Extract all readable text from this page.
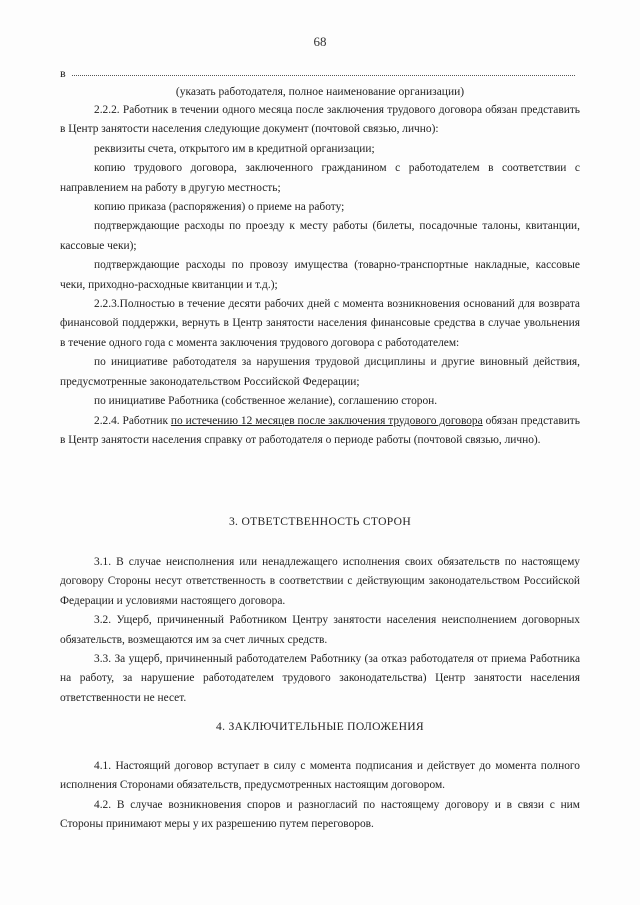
68
в
(указать работодателя, полное наименование организации)

2.2.2. Работник в течении одного месяца после заключения трудового договора обязан представить в Центр занятости населения следующие документ (почтовой связью, лично):

реквизиты счета, открытого им в кредитной организации;

копию трудового договора, заключенного гражданином с работодателем в соответствии с направлением на работу в другую местность;

копию приказа (распоряжения) о приеме на работу;

подтверждающие расходы по проезду к месту работы (билеты, посадочные талоны, квитанции, кассовые чеки);

подтверждающие расходы по провозу имущества (товарно-транспортные накладные, кассовые чеки, приходно-расходные квитанции и т.д.);

2.2.3.Полностью в течение десяти рабочих дней с момента возникновения оснований для возврата финансовой поддержки, вернуть в Центр занятости населения финансовые средства в случае увольнения в течение одного года с момента заключения трудового договора с работодателем:

по инициативе работодателя за нарушения трудовой дисциплины и другие виновный действия, предусмотренные законодательством Российской Федерации;

по инициативе Работника (собственное желание), соглашению сторон.

2.2.4. Работник по истечению 12 месяцев после заключения трудового договора обязан представить в Центр занятости населения справку от работодателя о периоде работы (почтовой связью, лично).

3. ОТВЕТСТВЕННОСТЬ СТОРОН

3.1. В случае неисполнения или ненадлежащего исполнения своих обязательств по настоящему договору Стороны несут ответственность в соответствии с действующим законодательством Российской Федерации и условиями настоящего договора.

3.2. Ущерб, причиненный Работником Центру занятости населения неисполнением договорных обязательств, возмещаются им за счет личных средств.

3.3. За ущерб, причиненный работодателем Работнику (за отказ работодателя от приема Работника на работу, за нарушение работодателем трудового законодательства) Центр занятости населения ответственности не несет.

4. ЗАКЛЮЧИТЕЛЬНЫЕ ПОЛОЖЕНИЯ

4.1. Настоящий договор вступает в силу с момента подписания и действует до момента полного исполнения Сторонами обязательств, предусмотренных настоящим договором.

4.2. В случае возникновения споров и разногласий по настоящему договору и в связи с ним Стороны принимают меры у их разрешению путем переговоров.
